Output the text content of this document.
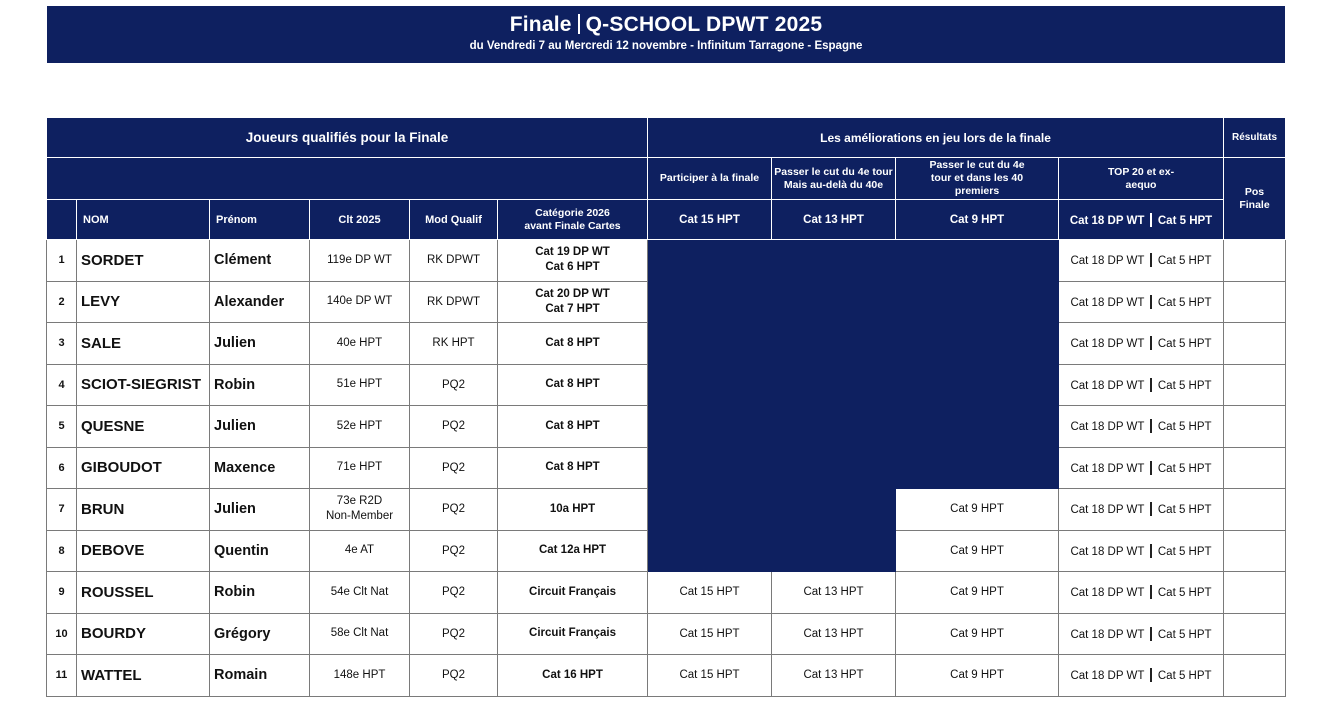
Finale Q-SCHOOL DPWT 2025
du Vendredi 7 au Mercredi 12 novembre - Infinitum Tarragone - Espagne
Joueurs qualifiés pour la Finale						Les améliorations en jeu lors de la finale				Résultats
						Participer à la finale	Passer le cut du 4e tour Mais au-delà du 40e	Passer le cut du 4e tour et dans les 40 premiers	TOP 20 et ex-aequo	Pos Finale
	NOM	Prénom	Clt 2025	Mod Qualif	Catégorie 2026 avant Finale Cartes	Cat 15 HPT	Cat 13 HPT	Cat 9 HPT	Cat 18 DP WT Cat 5 HPT	
1	SORDET	Clément	119e DP WT	RK DPWT	Cat 19 DP WT
Cat 6 HPT				Cat 18 DP WT Cat 5 HPT	
2	LEVY	Alexander	140e DP WT	RK DPWT	Cat 20 DP WT
Cat 7 HPT				Cat 18 DP WT Cat 5 HPT	
3	SALE	Julien	40e HPT	RK HPT	Cat 8 HPT				Cat 18 DP WT Cat 5 HPT	
4	SCIOT-SIEGRIST	Robin	51e HPT	PQ2	Cat 8 HPT				Cat 18 DP WT Cat 5 HPT	
5	QUESNE	Julien	52e HPT	PQ2	Cat 8 HPT				Cat 18 DP WT Cat 5 HPT	
6	GIBOUDOT	Maxence	71e HPT	PQ2	Cat 8 HPT				Cat 18 DP WT Cat 5 HPT	
7	BRUN	Julien	73e R2D
Non-Member	PQ2	10a HPT			Cat 9 HPT	Cat 18 DP WT Cat 5 HPT	
8	DEBOVE	Quentin	4e AT	PQ2	Cat 12a HPT			Cat 9 HPT	Cat 18 DP WT Cat 5 HPT	
9	ROUSSEL	Robin	54e Clt Nat	PQ2	Circuit Français	Cat 15 HPT	Cat 13 HPT	Cat 9 HPT	Cat 18 DP WT Cat 5 HPT	
10	BOURDY	Grégory	58e Clt Nat	PQ2	Circuit Français	Cat 15 HPT	Cat 13 HPT	Cat 9 HPT	Cat 18 DP WT Cat 5 HPT	
11	WATTEL	Romain	148e HPT	PQ2	Cat 16 HPT	Cat 15 HPT	Cat 13 HPT	Cat 9 HPT	Cat 18 DP WT Cat 5 HPT	
